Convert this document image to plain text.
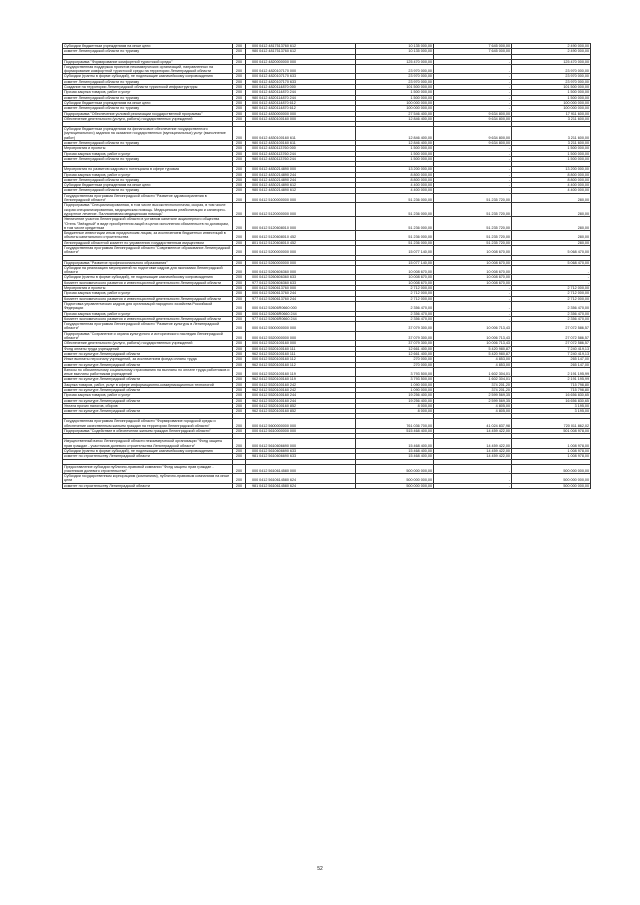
Субсидии бюджетным учреждениям на иные цели	200	000 0412 4817513760 612	10 135 000,00	7 645 000,00	2 490 000,00
комитет Ленинградской области по туризму	200	980 0412 4817513760 612	10 135 000,00	7 645 000,00	2 490 000,00

Подпрограмма "Формирование комфортной туристской среды"	200	000 0412 4820000000 000	125 470 000,00	-	125 470 000,00
Государственная поддержка проектов некоммерческих организаций, направленных на формирование комфортной туристской среды на территории Ленинградской области	200	000 0412 4820107170 000	23 970 000,00	-	23 970 000,00
Субсидии (гранты в форме субсидий), не подлежащие казначейскому сопровождению	200	000 0412 4820107170 633	23 970 000,00	-	23 970 000,00
комитет Ленинградской области по туризму	200	980 0412 4820107170 633	23 970 000,00	-	23 970 000,00
Создание на территории Ленинградской области туристской инфраструктуры	200	000 0412 4820114870 000	101 500 000,00	-	101 500 000,00
Прочая закупка товаров, работ и услуг	200	000 0412 4820114870 244	1 500 000,00	-	1 500 000,00
комитет Ленинградской области по туризму	200	980 0412 4820114870 244	1 500 000,00	-	1 500 000,00
Субсидии бюджетным учреждениям на иные цели	200	000 0412 4820114870 612	100 000 000,00	-	100 000 000,00
комитет Ленинградской области по туризму	200	980 0412 4820114870 612	100 000 000,00	-	100 000 000,00
Подпрограмма "Обеспечение условий реализации государственной программы"	200	000 0412 4830000000 000	27 546 400,00	9 634 800,00	17 911 600,00
Обеспечение деятельности (услуги, работы) государственных учреждений	200	000 0412 4830100160 000	12 846 400,00	9 634 800,00	3 211 600,00

Субсидии бюджетным учреждениям на финансовое обеспечение государственного (муниципального) задания на оказание государственных (муниципальных) услуг (выполнение работ)	200	000 0412 4830100160 611	12 846 400,00	9 634 800,00	3 211 600,00
комитет Ленинградской области по туризму	200	980 0412 4830100160 611	12 846 400,00	9 634 800,00	3 211 600,00
Мероприятия и проекты	200	000 0412 4830113760 000	1 500 000,00	-	1 500 000,00
Прочая закупка товаров, работ и услуг	200	000 0412 4830113760 244	1 500 000,00	-	1 500 000,00
комитет Ленинградской области по туризму	200	980 0412 4830113760 244	1 500 000,00	-	1 500 000,00

Мероприятия по развитию кадрового потенциала в сфере туризма	200	000 0412 4830214890 000	13 200 000,00	-	13 200 000,00
Прочая закупка товаров, работ и услуг	200	000 0412 4830214890 244	8 800 000,00	-	8 800 000,00
комитет Ленинградской области по туризму	200	980 0412 4830214890 244	8 800 000,00	-	8 800 000,00
Субсидии бюджетным учреждениям на иные цели	200	000 0412 4830214890 612	4 400 000,00	-	4 400 000,00
комитет Ленинградской области по туризму	200	980 0412 4830214890 612	4 400 000,00	-	4 400 000,00
Государственная программа Ленинградской области "Развитие здравоохранения в Ленинградской области"	200	000 0412 5100000000 000	51 236 000,00	51 235 720,00	280,00
Подпрограмма "Специализированная, в том числе высокотехнологичная, скорая, в том числе скорая специализированная, медицинская помощь. Медицинская реабилитация и санаторно-курортное лечение. Паллиативная медицинская помощь"	200	000 0412 5120000000 000	51 236 000,00	51 235 720,00	280,00
Увеличение участия Ленинградской области в уставном капитале акционерного общества "Отель "Звёздный" в виде приобретения акций в целях исполнения обязательств по договорам, в том числе кредитным	200	000 0412 5120608010 000	51 236 000,00	51 235 720,00	280,00
Бюджетные инвестиции иным юридическим лицам, за исключением бюджетных инвестиций в объекты капитального строительства	200	000 0412 5120608010 452	51 236 000,00	51 235 720,00	280,00
Ленинградский областной комитет по управлению государственным имуществом	200	801 0412 5120608010 452	51 236 000,00	51 235 720,00	280,00
Государственная программа Ленинградской области "Современное образование Ленинградской области"	200	000 0412 5200000000 000	15 077 140,00	10 008 670,00	5 068 470,00

Подпрограмма "Развитие профессионального образования"	200	000 0412 5260000000 000	15 077 140,00	10 008 670,00	5 068 470,00
Субсидии на реализацию мероприятий по подготовке кадров для экономики Ленинградской области	200	000 0412 5260606360 000	10 008 670,00	10 008 670,00	-
Субсидии (гранты в форме субсидий), не подлежащие казначейскому сопровождению	200	000 0412 5260606360 633	10 008 670,00	10 008 670,00	-
Комитет экономического развития и инвестиционной деятельности Ленинградской области	200	977 0412 5260606360 633	10 008 670,00	10 008 670,00	-
Мероприятия и проекты	200	000 0412 5260613760 000	2 712 000,00	-	2 712 000,00
Прочая закупка товаров, работ и услуг	200	000 0412 5260613760 244	2 712 000,00	-	2 712 000,00
Комитет экономического развития и инвестиционной деятельности Ленинградской области	200	977 0412 5260613760 244	2 712 000,00	-	2 712 000,00
Подготовка управленческих кадров для организаций народного хозяйства Российской Федерации	200	000 0412 52606R0660 000	2 356 470,00	-	2 356 470,00
Прочая закупка товаров, работ и услуг	200	000 0412 52606R0660 244	2 356 470,00	-	2 356 470,00
Комитет экономического развития и инвестиционной деятельности Ленинградской области	200	977 0412 52606R0660 244	2 356 470,00	-	2 356 470,00
Государственная программа Ленинградской области "Развитие культуры в Ленинградской области"	200	000 0412 5500000000 000	37 079 300,00	10 006 713,43	27 072 586,57
Подпрограмма "Сохранение и охрана культурного и исторического наследия Ленинградской области"	200	000 0412 5520000000 000	37 079 300,00	10 006 713,43	27 072 586,57
Обеспечение деятельности (услуги, работы) государственных учреждений	200	000 0412 5520100160 000	37 079 300,00	10 006 713,43	27 072 586,57
Фонд оплаты труда учреждений	200	000 0412 5520100160 111	12 661 400,00	5 420 980,87	7 240 419,13
комитет по культуре Ленинградской области	200	962 0412 5520100160 111	12 661 400,00	5 420 980,87	7 240 419,13
Иные выплаты персоналу учреждений, за исключением фонда оплаты труда	200	000 0412 5520100160 112	270 000,00	4 853,00	265 147,00
комитет по культуре Ленинградской области	200	962 0412 5520100160 112	270 000,00	4 853,00	265 147,00
Взносы по обязательному социальному страхованию на выплаты по оплате труда работников и иные выплаты работникам учреждений	200	000 0412 5520100160 119	3 793 500,00	1 602 304,01	2 191 195,99
комитет по культуре Ленинградской области	200	962 0412 5520100160 119	3 793 500,00	1 602 304,01	2 191 195,99
Закупка товаров, работ, услуг в сфере информационно-коммуникационных технологий	200	000 0412 5520100160 242	1 090 000,00	374 201,20	715 798,80
комитет по культуре Ленинградской области	200	962 0412 5520100160 242	1 090 000,00	374 201,20	715 798,80
Прочая закупка товаров, работ и услуг	200	000 0412 5520100160 244	19 256 400,00	2 599 569,35	16 656 830,65
комитет по культуре Ленинградской области	200	962 0412 5520100160 244	19 256 400,00	2 599 569,35	16 656 830,65
Уплата прочих налогов, сборов	200	000 0412 5520100160 852	8 000,00	4 805,00	3 195,00
комитет по культуре Ленинградской области	200	962 0412 5520100160 852	8 000,00	4 805,00	3 195,00

Государственная программа Ленинградской области "Формирование городской среды и обеспечение качественным жильем граждан на территории Ленинградской области"	200	000 0412 5600000000 000	761 036 700,00	41 024 837,98	720 011 862,02
Подпрограмма "Содействие в обеспечении жильем граждан Ленинградской области"	200	000 0412 5610000000 000	515 468 400,00	14 459 422,00	501 008 978,00

Имущественный взнос Ленинградской области некоммерческой организации "Фонд защиты прав граждан - участников долевого строительства Ленинградской области"	200	000 0412 5610606690 000	15 468 400,00	14 459 422,00	1 008 978,00
Субсидии (гранты в форме субсидий), не подлежащие казначейскому сопровождению	200	000 0412 5610606690 633	15 468 400,00	14 459 422,00	1 008 978,00
комитет по строительству Ленинградской области	200	981 0412 5610606690 633	15 468 400,00	14 459 422,00	1 008 978,00

Предоставление субсидии публично-правовой компании "Фонд защиты прав граждан - участников долевого строительства"	200	000 0412 5610614580 000	500 000 000,00	-	500 000 000,00
Субсидии государственным корпорациям (компаниям), публично-правовым компаниям на иные цели	200	000 0412 5610614580 624	500 000 000,00	-	500 000 000,00
комитет по строительству Ленинградской области	200	981 0412 5610614580 624	500 000 000,00	-	500 000 000,00
52
